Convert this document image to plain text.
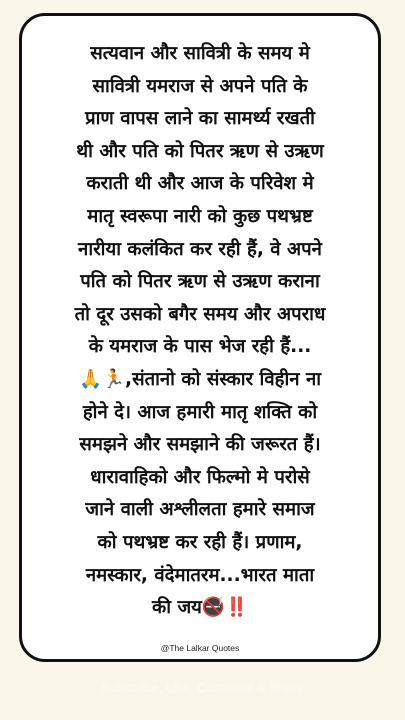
सत्यवान और सावित्री के समय मे
सावित्री यमराज से अपने पति के
प्राण वापस लाने का सामर्थ्य रखती
थी और पति को पितर ऋण से उऋण
कराती थी और आज के परिवेश मे
मातृ स्वरूपा नारी को कुछ पथभ्रष्ट
नारीया कलंकित कर रही हैं, वे अपने
पति को पितर ऋण से उऋण कराना
तो दूर उसको बगैर समय और अपराध
के यमराज के पास भेज रही हैं...
🙏🏃,संतानो को संस्कार विहीन ना
होने दे। आज हमारी मातृ शक्ति को
समझने और समझाने की जरूरत हैं।
धारावाहिको और फिल्मो मे परोसे
जाने वाली अश्लीलता हमारे समाज
को पथभ्रष्ट कर रही हैं। प्रणाम,
नमस्कार, वंदेमातरम...भारत माता
की जय🚭‼️

@The Lalkar Quotes
Subscribe, Like, Comment & Share
